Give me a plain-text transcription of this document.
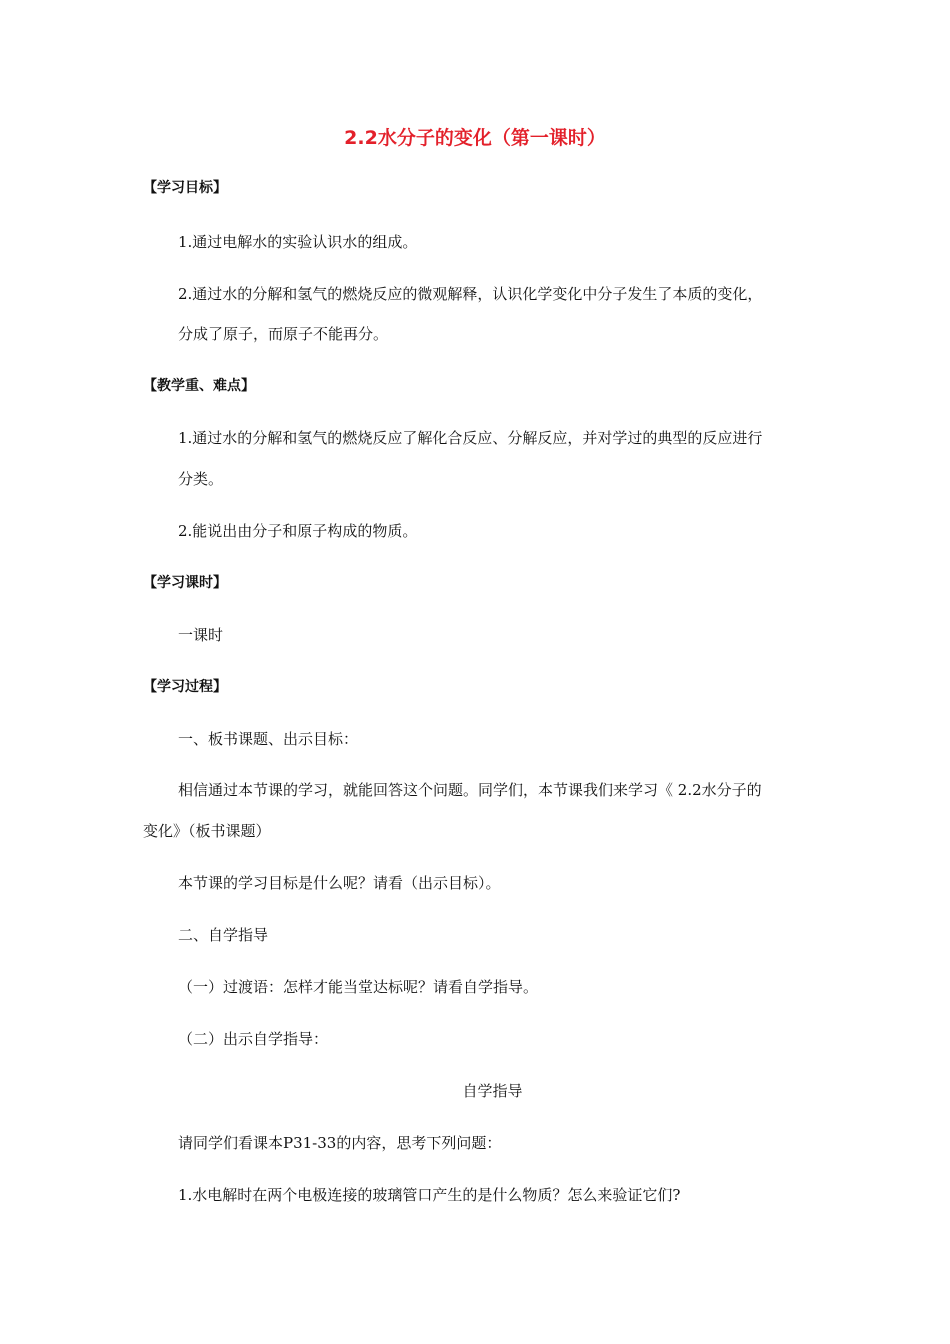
2.2水分子的变化（第一课时）
【学习目标】
1.通过电解水的实验认识水的组成。
2.通过水的分解和氢气的燃烧反应的微观解释，认识化学变化中分子发生了本质的变化，
分成了原子，而原子不能再分。
【教学重、难点】
1.通过水的分解和氢气的燃烧反应了解化合反应、分解反应，并对学过的典型的反应进行
分类。
2.能说出由分子和原子构成的物质。
【学习课时】
一课时
【学习过程】
一、板书课题、出示目标：
相信通过本节课的学习，就能回答这个问题。同学们，本节课我们来学习《 2.2水分子的
变化》（板书课题）
本节课的学习目标是什么呢？请看（出示目标）。
二、自学指导
（一）过渡语：怎样才能当堂达标呢？请看自学指导。
（二）出示自学指导：
自学指导
请同学们看课本P31-33的内容，思考下列问题：
1.水电解时在两个电极连接的玻璃管口产生的是什么物质？怎么来验证它们?
